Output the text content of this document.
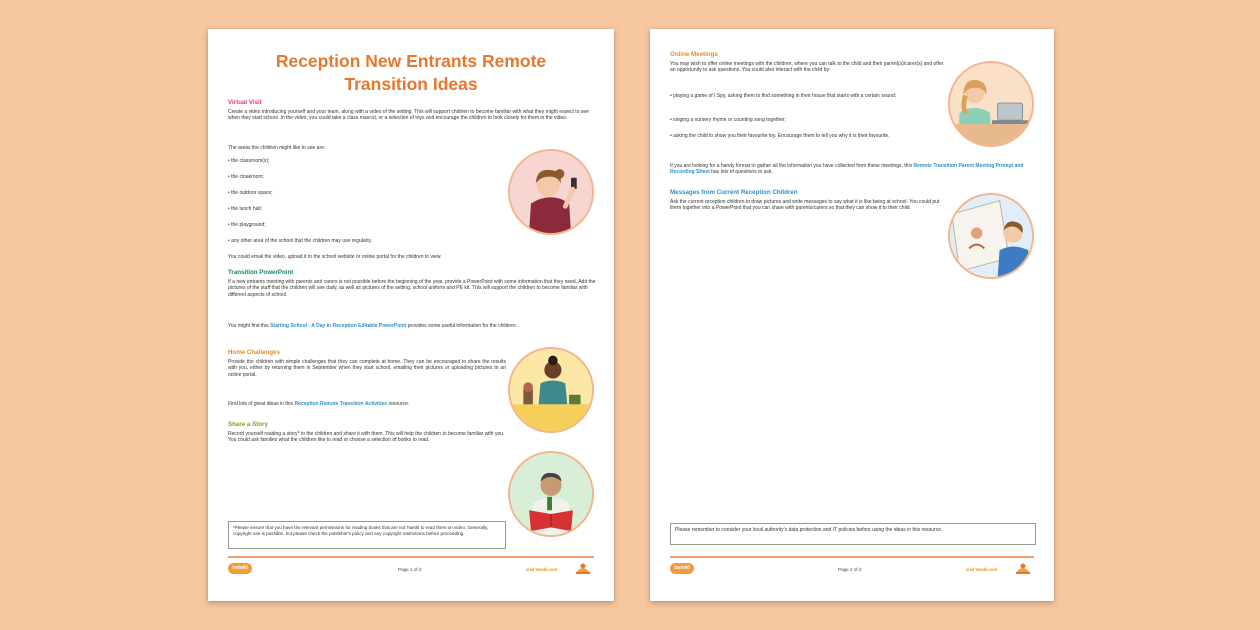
Reception New Entrants Remote
Transition Ideas
Virtual Visit
Create a video introducing yourself and your team, along with a video of the setting. This will support children to become familiar with what they might expect to see when they start school. In the video, you could take a class mascot, or a selection of toys and encourage the children to look closely for them in the video.
The areas the children might like to see are:
• the classroom(s);
• the cloakroom;
• the outdoor space;
• the lunch hall;
• the playground;
• any other area of the school that the children may use regularly.
You could email the video, upload it to the school website or online portal for the children to view.
Transition PowerPoint
If a new entrants meeting with parents and carers is not possible before the beginning of the year, provide a PowerPoint with some information that they need. Add the pictures of the staff that the children will see daily, as well as pictures of the setting, school uniform and PE kit. This will support the children to become familiar with different aspects of school.
You might find this Starting School - A Day in Reception Editable PowerPoint provides some useful information for the children.
Home Challenges
Provide the children with simple challenges that they can complete at home. They can be encouraged to share the results with you, either by returning them in September when they start school, emailing their pictures or uploading pictures to an online portal.
Find lots of great ideas in this Reception Remote Transition Activities resource.
Share a Story
Record yourself reading a story* to the children and share it with them. This will help the children to become familiar with you. You could ask families what the children like to read or choose a selection of books to read.
*Please ensure that you have the relevant permissions for reading books that are not Twinkl to read them on video. Generally, copyright use is possible, but please check the publisher's policy and any copyright restrictions before proceeding.
twinkl	Page 1 of 2	visit twinkl.com
Online Meetings
You may wish to offer online meetings with the children, where you can talk to the child and their parent(s)/carer(s) and offer an opportunity to ask questions. You could also interact with the child by:
• playing a game of I Spy, asking them to find something in their house that starts with a certain sound;
• singing a nursery rhyme or counting song together;
• asking the child to show you their favourite toy. Encourage them to tell you why it is their favourite.
If you are looking for a handy format to gather all the information you have collected from these meetings, this Remote Transition Parent Meeting Prompt and Recording Sheet has lots of questions to ask.
Messages from Current Reception Children
Ask the current reception children to draw pictures and write messages to say what it is like being at school. You could put them together into a PowerPoint that you can share with parents/carers so that they can show it to their child.
Please remember to consider your local authority's data protection and IT policies before using the ideas in this resource.
twinkl	Page 2 of 2	visit twinkl.com
